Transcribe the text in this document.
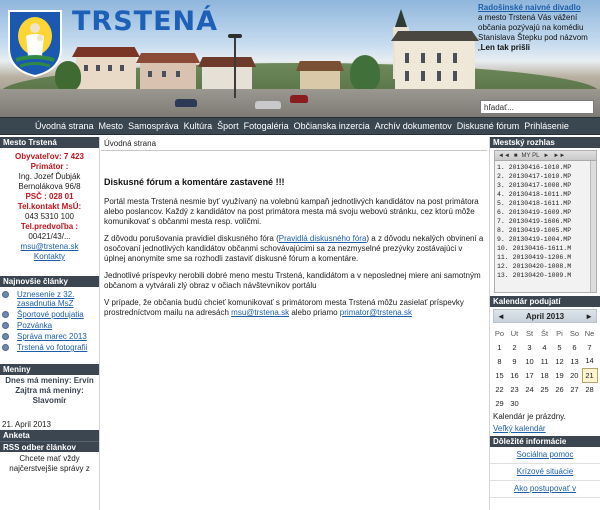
TRSTENÁ	Radošinské naivné divadlo
a mesto Trstená Vás vážení občania pozývajú na komédiu Stanislava Štepku pod názvom „Len tak prišli
hľadať...
Úvodná strana Mesto Samospráva Kultúra Šport Fotogaléria Občianska inzercia Archív dokumentov Diskusné fórum Prihlásenie
Mesto Trstená
Obyvateľov: 7 423
Primátor :
Ing. Jozef Ďubják
Bernolákova 96/8
PSČ : 028 01
Tel.kontakt MsÚ:
043 5310 100
Tel.predvoľba :
00421/43/...
msu@trstena.sk
Kontakty
Najnovšie články
Uznesenie z 32. zasadnutia MsZ
Športové podujatia
Pozvánka
Správa marec 2013
Trstená vo fotografii
Meniny
Dnes má meniny: Ervín
Zajtra má meniny: Slavomír
21. April 2013
Anketa
RSS odber článkov
Chcete mať vždy najčerstvejšie správy z
Úvodná strana
Diskusné fórum a komentáre zastavené !!!

Portál mesta Trstená nesmie byť využívaný na volebnú kampaň jednotlivých kandidátov na post primátora alebo poslancov. Každý z kandidátov na post primátora mesta má svoju webovú stránku, cez ktorú môže komunikovať s občanmi mesta resp. voličmi.

Z dôvodu porušovania pravidiel diskusného fóra (Pravidlá diskusného fóra) a z dôvodu nekalých obvinení a osočovaní jednotlivých kandidátov občanmi schovávajúcimi sa za nezmyselné prezývky zostávajúci v úplnej anonymite sme sa rozhodli zastaviť diskusné fórum a komentáre.

Jednotlivé príspevky nerobili dobré meno mestu Trstená, kandidátom a v neposlednej miere ani samotným občanom a vytvárali zlý obraz v očiach návštevníkov portálu

V prípade, že občania budú chcieť komunikovať s primátorom mesta Trstená môžu zasielať príspevky prostredníctvom mailu na adresách msu@trstena.sk alebo priamo primator@trstena.sk

Mestský rozhlas
◄◄ ■ MY PL ► ►►
1. 20130416-1010.MP
2. 20130417-1010.MP
3. 20130417-1008.MP
4. 20130418-1011.MP
5. 20130418-1611.MP
6. 20130419-1609.MP
7. 20130419-1606.MP
8. 20130419-1005.MP
9. 20130419-1004.MP
10. 20130416-1611.M
11. 20130419-1206.M
12. 20130420-1008.M
13. 20130420-1009.M
Kalendár podujatí
◄	April 2013	►
Po	Ut	St	Št	Pi	So	Ne
1	2	3	4	5	6	7
8	9	10	11	12	13	14
15	16	17	18	19	20	21
22	23	24	25	26	27	28
29	30					
Kalendár je prázdny.
Veľký kalendár
Dôležité informácie
Sociálna pomoc
Krízové situácie
Ako postupovať v
